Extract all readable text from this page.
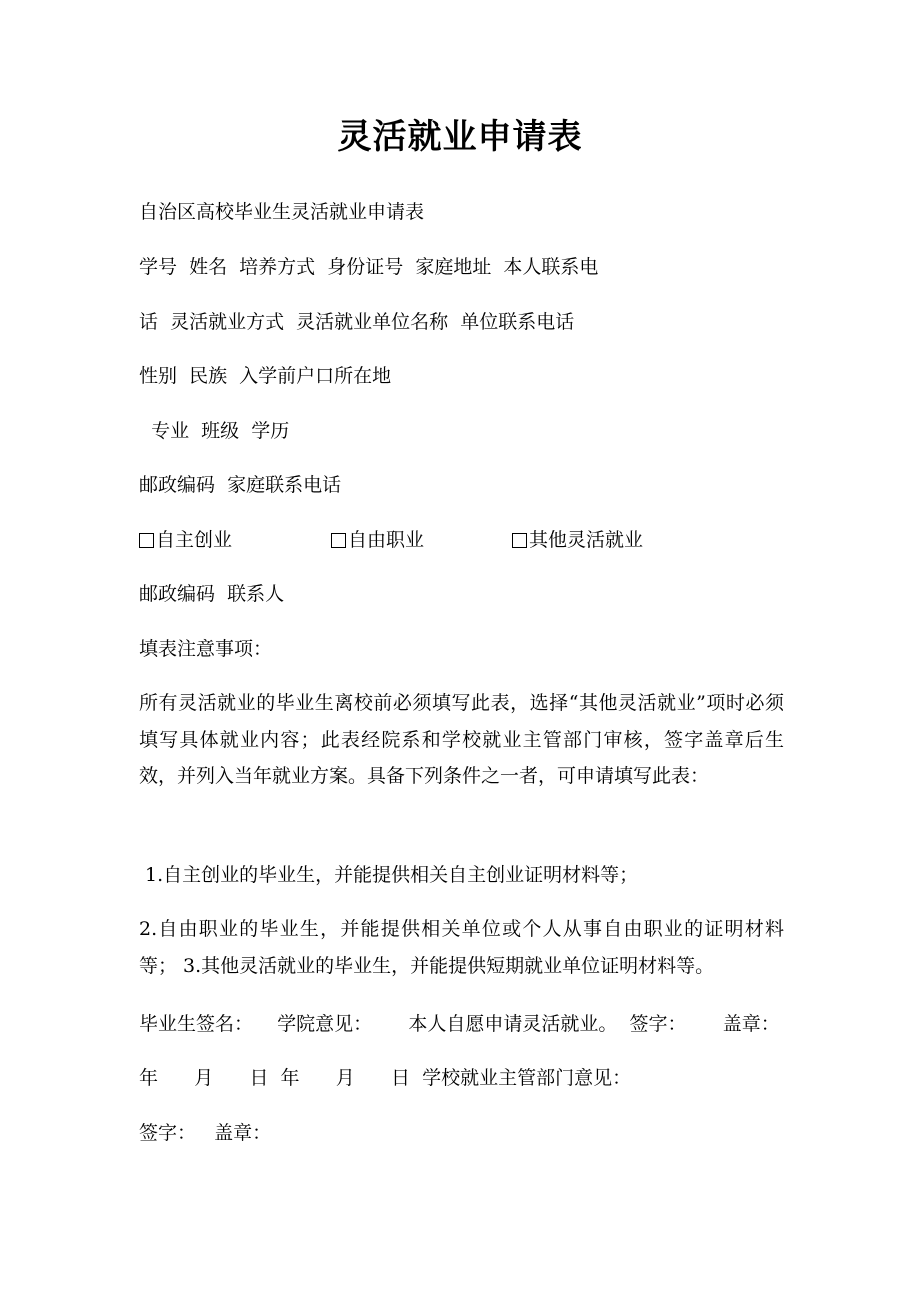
灵活就业申请表
自治区高校毕业生灵活就业申请表
学号  姓名  培养方式  身份证号  家庭地址  本人联系电
话  灵活就业方式  灵活就业单位名称  单位联系电话
性别  民族  入学前户口所在地
专业  班级  学历
邮政编码  家庭联系电话
自主创业	自由职业	其他灵活就业
邮政编码  联系人
填表注意事项：
所有灵活就业的毕业生离校前必须填写此表，选择“其他灵活就业”项时必须填写具体就业内容；此表经院系和学校就业主管部门审核，签字盖章后生效，并列入当年就业方案。具备下列条件之一者，可申请填写此表：
1.自主创业的毕业生，并能提供相关自主创业证明材料等；
2.自由职业的毕业生，并能提供相关单位或个人从事自由职业的证明材料等； 3.其他灵活就业的毕业生，并能提供短期就业单位证明材料等。
毕业生签名：    学院意见：      本人自愿申请灵活就业。  签字：      盖章：
年      月      日  年      月      日  学校就业主管部门意见：
签字：   盖章：
